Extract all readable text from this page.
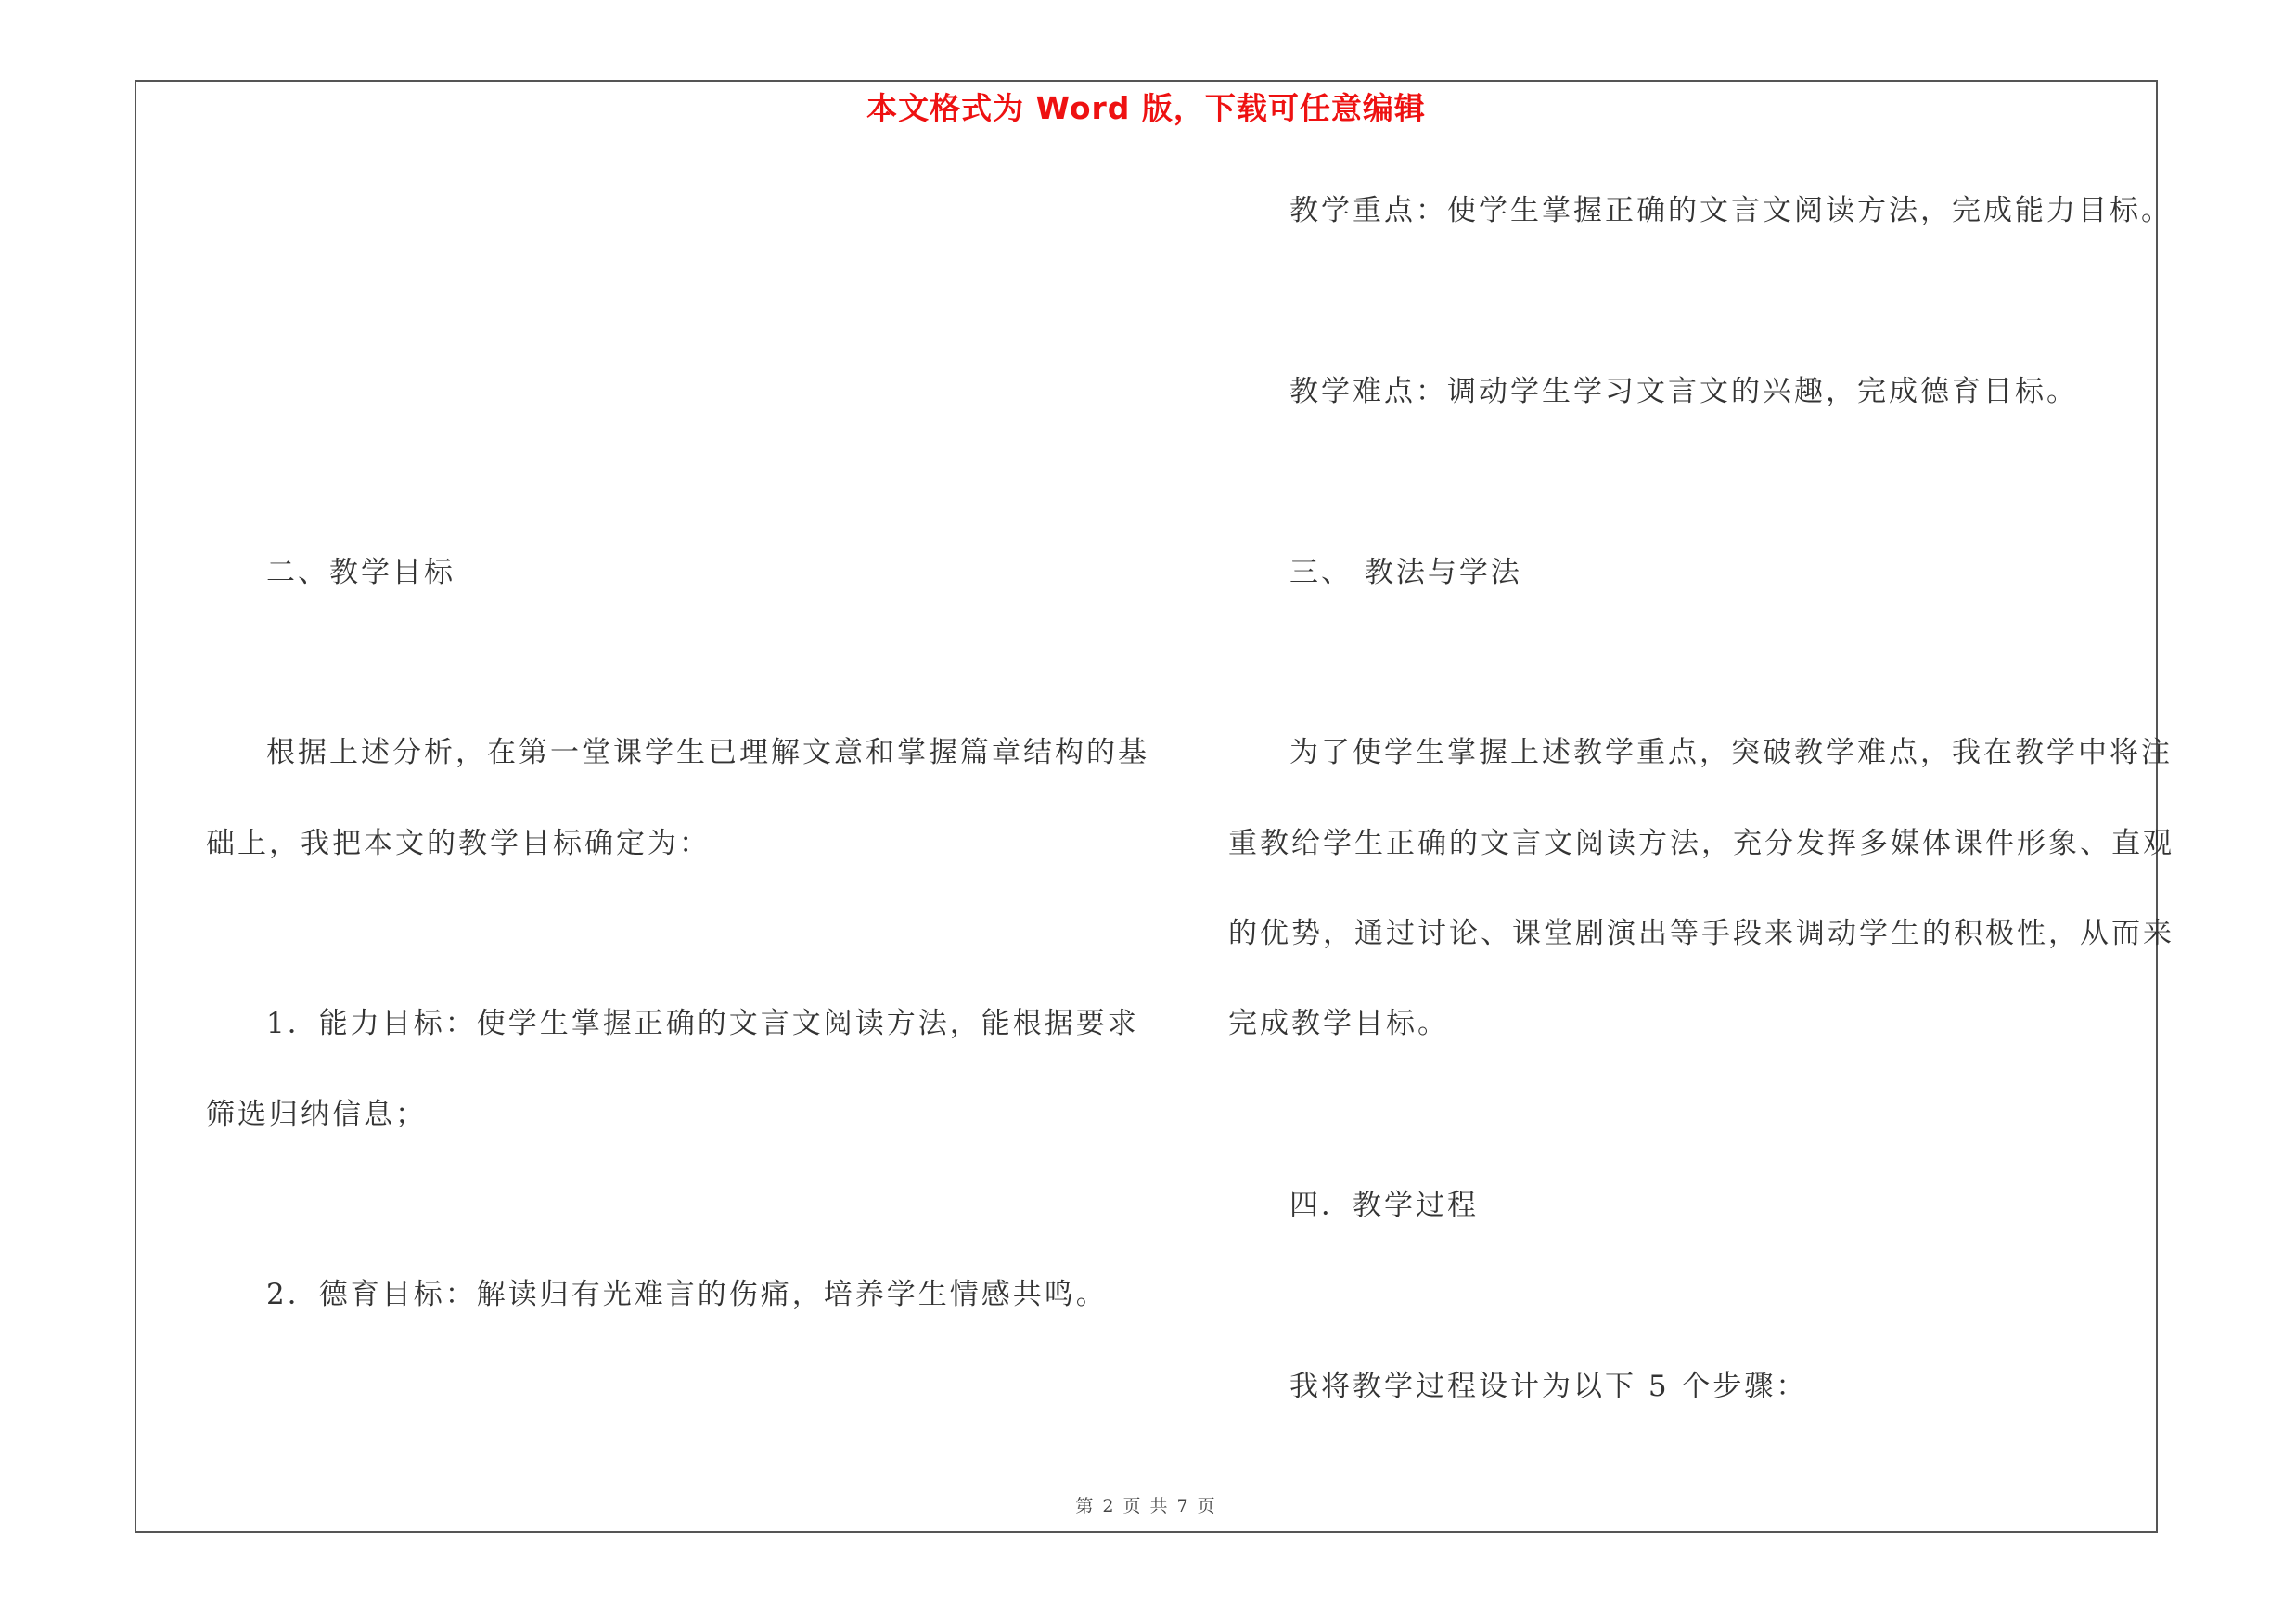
本文格式为 Word 版，下载可任意编辑
二、教学目标
根据上述分析，在第一堂课学生已理解文意和掌握篇章结构的基
础上，我把本文的教学目标确定为：
1．能力目标：使学生掌握正确的文言文阅读方法，能根据要求
筛选归纳信息；
2．德育目标：解读归有光难言的伤痛，培养学生情感共鸣。
教学重点：使学生掌握正确的文言文阅读方法，完成能力目标。
教学难点：调动学生学习文言文的兴趣，完成德育目标。
三、 教法与学法
为了使学生掌握上述教学重点，突破教学难点，我在教学中将注
重教给学生正确的文言文阅读方法，充分发挥多媒体课件形象、直观
的优势，通过讨论、课堂剧演出等手段来调动学生的积极性，从而来
完成教学目标。
四．教学过程
我将教学过程设计为以下 5 个步骤：
第 2 页 共 7 页
